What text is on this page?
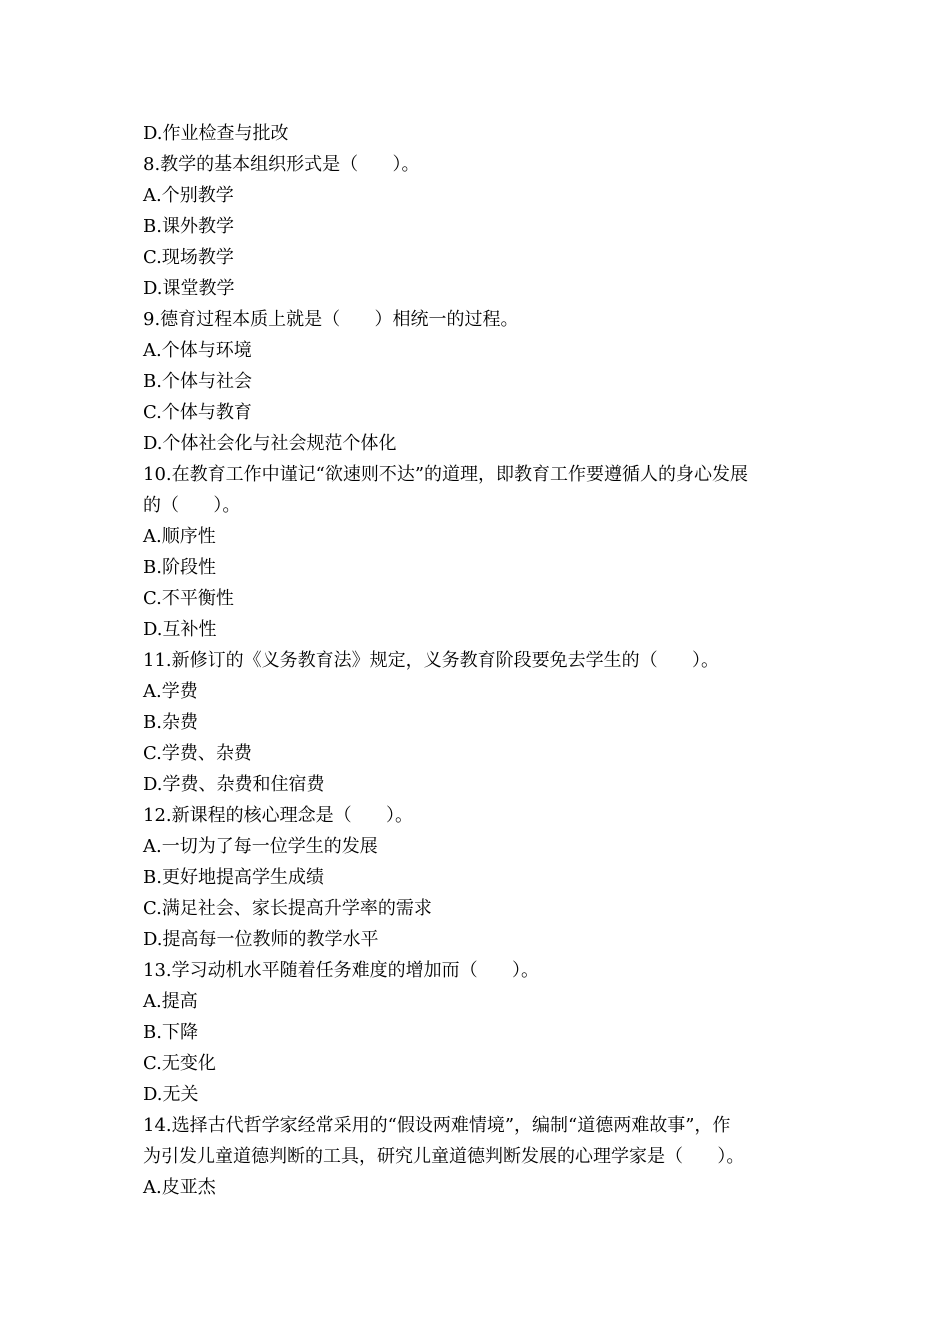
D.作业检查与批改
8.教学的基本组织形式是（      ）。
A.个别教学
B.课外教学
C.现场教学
D.课堂教学
9.德育过程本质上就是（      ）相统一的过程。
A.个体与环境
B.个体与社会
C.个体与教育
D.个体社会化与社会规范个体化
10.在教育工作中谨记“欲速则不达”的道理，即教育工作要遵循人的身心发展
的（      ）。
A.顺序性
B.阶段性
C.不平衡性
D.互补性
11.新修订的《义务教育法》规定，义务教育阶段要免去学生的（      ）。
A.学费
B.杂费
C.学费、杂费
D.学费、杂费和住宿费
12.新课程的核心理念是（      ）。
A.一切为了每一位学生的发展
B.更好地提高学生成绩
C.满足社会、家长提高升学率的需求
D.提高每一位教师的教学水平
13.学习动机水平随着任务难度的增加而（      ）。
A.提高
B.下降
C.无变化
D.无关
14.选择古代哲学家经常采用的“假设两难情境”，编制“道德两难故事”，作
为引发儿童道德判断的工具，研究儿童道德判断发展的心理学家是（      ）。
A.皮亚杰
